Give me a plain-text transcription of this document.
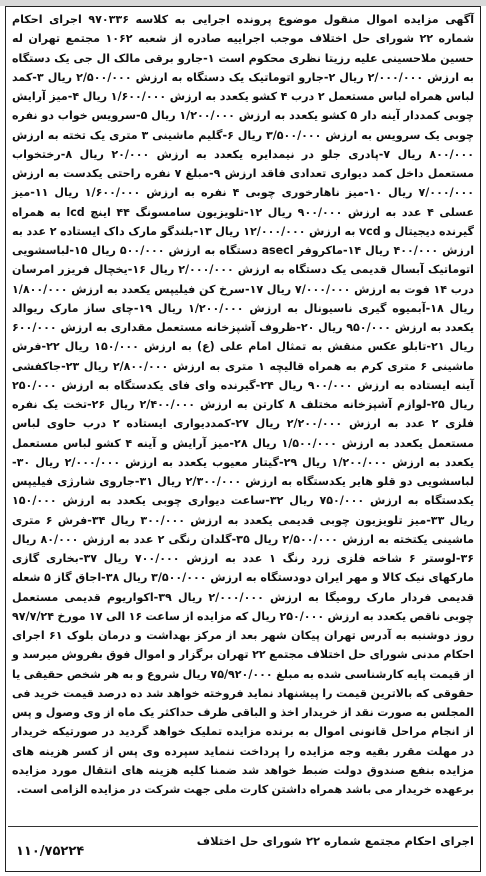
آگهی مزایده اموال منقول موضوع پرونده اجرایی به کلاسه ۹۷۰۳۳۶ اجرای احکام شماره ۲۲ شورای حل اختلاف موجب اجراییه صادره از شعبه ۱۰۶۲ مجتمع تهران له حسین ملاحسینی علیه رزیتا نظری محکوم است ۱-جارو برقی مالک ال جی یک دستگاه به ارزش ۲/۰۰۰/۰۰۰ ریال ۲-جارو اتوماتیک یک دستگاه به ارزش ۲/۵۰۰/۰۰۰ ریال ۳-کمد لباس همراه لباس مستعمل ۲ درب ۴ کشو یکعدد به ارزش ۱/۶۰۰/۰۰۰ ریال ۴-میز آرایش چوبی کمددار آینه دار ۵ کشو یکعدد به ارزش ۱/۲۰۰/۰۰۰ ریال ۵-سرویس خواب دو نفره چوبی یک سرویس به ارزش ۳/۵۰۰/۰۰۰ ریال ۶-گلیم ماشینی ۳ متری یک تخته به ارزش ۸۰۰/۰۰۰ ریال ۷-پادری جلو در نیمدایره یکعدد به ارزش ۲۰/۰۰۰ ریال ۸-رختخواب مستعمل داخل کمد دیواری تعدادی فاقد ارزش ۹-مبلغ ۷ نفره راحتی یکدست به ارزش ۷/۰۰۰/۰۰۰ ریال ۱۰-میز ناهارخوری چوبی ۴ نفره به ارزش ۱/۶۰۰/۰۰۰ ریال ۱۱-میز عسلی ۴ عدد به ارزش ۹۰۰/۰۰۰ ریال ۱۲-تلویزیون سامسونگ ۴۴ اینچ lcd به همراه گیرنده دیجیتال و vcd به ارزش ۱۲/۰۰۰/۰۰۰ ریال ۱۳-بلندگو مارک داک ایستاده ۲ عدد به ارزش ۴۰۰/۰۰۰ ریال ۱۴-ماکروفر asecl دستگاه به ارزش ۵۰۰/۰۰۰ ریال ۱۵-لباسشویی اتوماتیک آبسال قدیمی یک دستگاه به ارزش ۲/۰۰۰/۰۰۰ ریال ۱۶-یخچال فریزر امرسان درب ۱۴ فوت به ارزش ۷/۰۰۰/۰۰۰ ریال ۱۷-سرخ کن فیلیپس یکعدد به ارزش ۱/۸۰۰/۰۰۰ ریال ۱۸-آبمیوه گیری ناسیونال به ارزش ۱/۲۰۰/۰۰۰ ریال ۱۹-چای ساز مارک ریوالد یکعدد به ارزش ۹۵۰/۰۰۰ ریال ۲۰-ظروف آشپزخانه مستعمل مقداری به ارزش ۶۰۰/۰۰۰ ریال ۲۱-تابلو عکس منقش به تمثال امام علی (ع) به ارزش ۱۵۰/۰۰۰ ریال ۲۲-فرش ماشینی ۶ متری کرم به همراه قالیچه ۱ متری به ارزش ۲/۸۰۰/۰۰۰ ریال ۲۳-جاکفشی آینه ایستاده به ارزش ۹۰۰/۰۰۰ ریال ۲۴-گیرنده وای فای یکدستگاه به ارزش ۲۵۰/۰۰۰ ریال ۲۵-لوازم آشپزخانه مختلف ۸ کارتن به ارزش ۲/۴۰۰/۰۰۰ ریال ۲۶-تخت یک نفره فلزی ۲ عدد به ارزش ۲/۲۰۰/۰۰۰ ریال ۲۷-کمددیواری ایستاده ۲ درب حاوی لباس مستعمل یکعدد به ارزش ۱/۵۰۰/۰۰۰ ریال ۲۸-میز آرایش و آینه ۴ کشو لباس مستعمل یکعدد به ارزش ۱/۲۰۰/۰۰۰ ریال ۲۹-گیتار معیوب یکعدد به ارزش ۲/۰۰۰/۰۰۰ ریال ۳۰-لباسشویی دو قلو هایر یکدستگاه به ارزش ۲/۳۰۰/۰۰۰ ریال ۳۱-جاروی شارژی فیلیپس یکدستگاه به ارزش ۷۵۰/۰۰۰ ریال ۳۲-ساعت دیواری چوبی یکعدد به ارزش ۱۵۰/۰۰۰ ریال ۳۳-میز تلویزیون چوبی قدیمی یکعدد به ارزش ۳۰۰/۰۰۰ ریال ۳۴-فرش ۶ متری ماشینی یکتخته به ارزش ۲/۵۰۰/۰۰۰ ریال ۳۵-گلدان رنگی ۲ عدد به ارزش ۸۰/۰۰۰ ریال ۳۶-لوستر ۶ شاخه فلزی زرد رنگ ۱ عدد به ارزش ۷۰۰/۰۰۰ ریال ۳۷-بخاری گازی مارکهای نیک کالا و مهر ایران دودستگاه به ارزش ۳/۵۰۰/۰۰۰ ریال ۳۸-اجاق گاز ۵ شعله قدیمی فردار مارک رومیگا به ارزش ۲/۰۰۰/۰۰۰ ریال ۳۹-اکواریوم قدیمی مستعمل چوبی ناقص یکعدد به ارزش ۲۵۰/۰۰۰ ریال که مزایده از ساعت ۱۶ الی ۱۷ مورخ ۹۷/۷/۲۴ روز دوشنبه به آدرس تهران پیکان شهر بعد از مرکز بهداشت و درمان بلوک ۶۱ اجرای احکام مدنی شورای حل اختلاف مجتمع ۲۲ تهران برگزار و اموال فوق بفروش میرسد و از قیمت پایه کارشناسی شده به مبلغ ۷۵/۹۲۰/۰۰۰ ریال شروع و به هر شخص حقیقی یا حقوقی که بالاترین قیمت را پیشنهاد نماید فروخته خواهد شد ده درصد قیمت خرید فی المجلس به صورت نقد از خریدار اخذ و الباقی ظرف حداکثر یک ماه از وی وصول و پس از انجام مراحل قانونی اموال به برنده مزایده تملیک خواهد گردید در صورتیکه خریدار در مهلت مقرر بقیه وجه مزایده را پرداخت ننماید سپرده وی پس از کسر هزینه های مزایده بنفع صندوق دولت ضبط خواهد شد ضمنا کلیه هزینه های انتقال مورد مزایده برعهده خریدار می باشد همراه داشتن کارت ملی جهت شرکت در مزایده الزامی است.

اجرای احکام مجتمع شماره ۲۲ شورای حل اختلاف
۱۱۰/۷۵۲۲۴
